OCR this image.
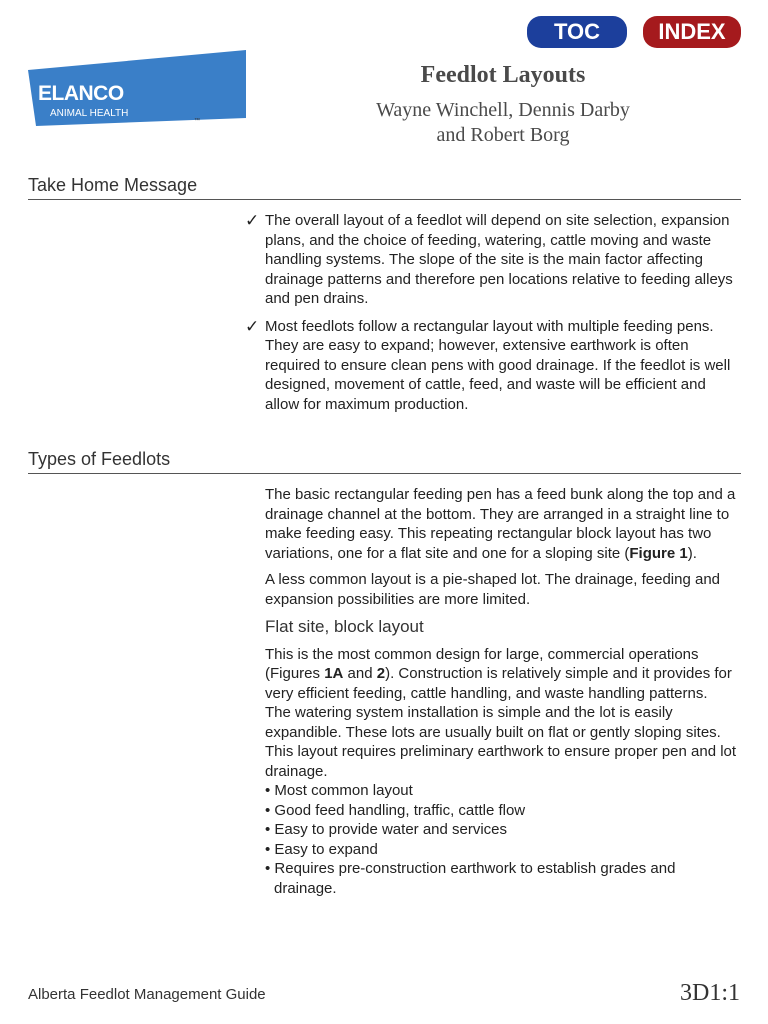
ELANCO
ANIMAL HEALTH
™
TOC	INDEX
Feedlot Layouts
Wayne Winchell, Dennis Darby
and Robert Borg
Take Home Message
✓ The overall layout of a feedlot will depend on site selection, expansion plans, and the choice of feeding, watering, cattle moving and waste handling systems. The slope of the site is the main factor affecting drainage patterns and therefore pen locations relative to feeding alleys and pen drains.
✓ Most feedlots follow a rectangular layout with multiple feeding pens. They are easy to expand; however, extensive earthwork is often required to ensure clean pens with good drainage. If the feedlot is well designed, movement of cattle, feed, and waste will be efficient and allow for maximum production.
Types of Feedlots

The basic rectangular feeding pen has a feed bunk along the top and a drainage channel at the bottom. They are arranged in a straight line to make feeding easy. This repeating rectangular block layout has two variations, one for a flat site and one for a sloping site (Figure 1).

A less common layout is a pie-shaped lot. The drainage, feeding and expansion possibilities are more limited.

Flat site, block layout

This is the most common design for large, commercial operations (Figures 1A and 2). Construction is relatively simple and it provides for very efficient feeding, cattle handling, and waste handling patterns. The watering system installation is simple and the lot is easily expandible. These lots are usually built on flat or gently sloping sites. This layout requires preliminary earthwork to ensure proper pen and lot drainage.

• Most common layout
• Good feed handling, traffic, cattle flow
• Easy to provide water and services
• Easy to expand
• Requires pre-construction earthwork to establish grades and drainage.
Alberta Feedlot Management Guide	3D1:1
